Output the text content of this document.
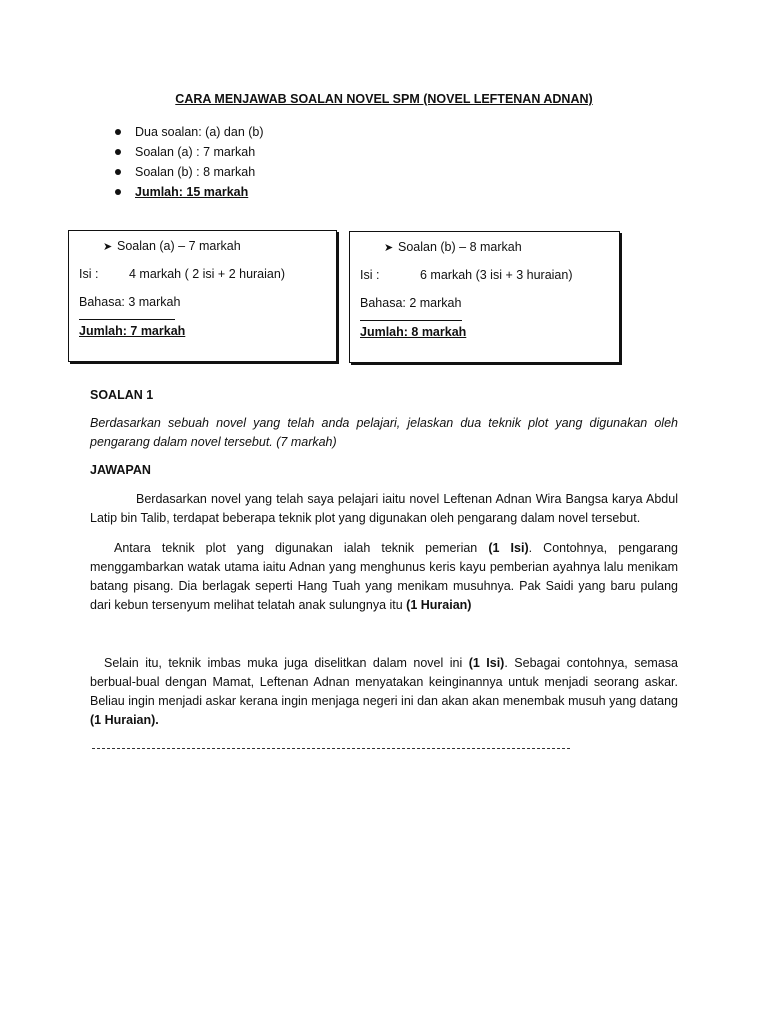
CARA MENJAWAB SOALAN NOVEL SPM (NOVEL LEFTENAN ADNAN)
Dua soalan: (a) dan (b)
Soalan (a) : 7 markah
Soalan (b) : 8 markah
Jumlah: 15 markah
➤ Soalan (a) – 7 markah
Isi : 4 markah ( 2 isi + 2 huraian)
Bahasa: 3 markah
Jumlah: 7 markah
➤ Soalan (b) – 8 markah
Isi :	6 markah (3 isi + 3 huraian)
Bahasa: 2 markah
Jumlah: 8 markah
SOALAN 1
Berdasarkan sebuah novel yang telah anda pelajari, jelaskan dua teknik plot yang digunakan oleh pengarang dalam novel tersebut. (7 markah)
JAWAPAN
Berdasarkan novel yang telah saya pelajari iaitu novel Leftenan Adnan Wira Bangsa karya Abdul Latip bin Talib, terdapat beberapa teknik plot yang digunakan oleh pengarang dalam novel tersebut.
Antara teknik plot yang digunakan ialah teknik pemerian (1 Isi). Contohnya, pengarang menggambarkan watak utama iaitu Adnan yang menghunus keris kayu pemberian ayahnya lalu menikam batang pisang. Dia berlagak seperti Hang Tuah yang menikam musuhnya. Pak Saidi yang baru pulang dari kebun tersenyum melihat telatah anak sulungnya itu (1 Huraian)
Selain itu, teknik imbas muka juga diselitkan dalam novel ini (1 Isi). Sebagai contohnya, semasa berbual-bual dengan Mamat, Leftenan Adnan menyatakan keinginannya untuk menjadi seorang askar. Beliau ingin menjadi askar kerana ingin menjaga negeri ini dan akan akan menembak musuh yang datang (1 Huraian).
